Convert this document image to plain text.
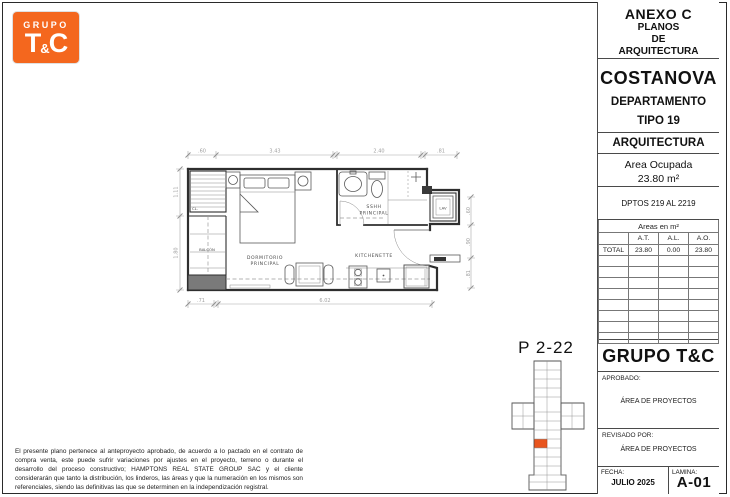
GRUPO
T&C
CL.
BALCÓN
DORMITORIO
PRINCIPAL
SSHH
PRINCIPAL
LAV
KITCHENETTE
.60	3.43	2.40	.81
1.11
1.80
.71	6.02
.60
.90
.81
P 2-22
El presente plano pertenece al anteproyecto aprobado, de acuerdo a lo pactado en el contrato de compra venta, este puede sufrir variaciones por ajustes en el proyecto, terreno o durante el desarrollo del proceso constructivo; HAMPTONS REAL STATE GROUP SAC y el cliente considerarán que tanto la distribución, los linderos, las áreas y que la numeración en los mismos son referenciales, siendo las definitivas las que se determinen en la independización registral.
ANEXO C
PLANOS
DE
ARQUITECTURA
COSTANOVA
DEPARTAMENTO
TIPO 19
ARQUITECTURA
Area Ocupada
23.80 m²
DPTOS 219 AL 2219
Areas en m²			
	A.T.	A.L.	A.O.
TOTAL	23.80	0.00	23.80

GRUPO T&C
APROBADO:
ÁREA DE PROYECTOS
REVISADO POR:
ÁREA DE PROYECTOS
FECHA:
JULIO 2025
LAMINA:
A-01
